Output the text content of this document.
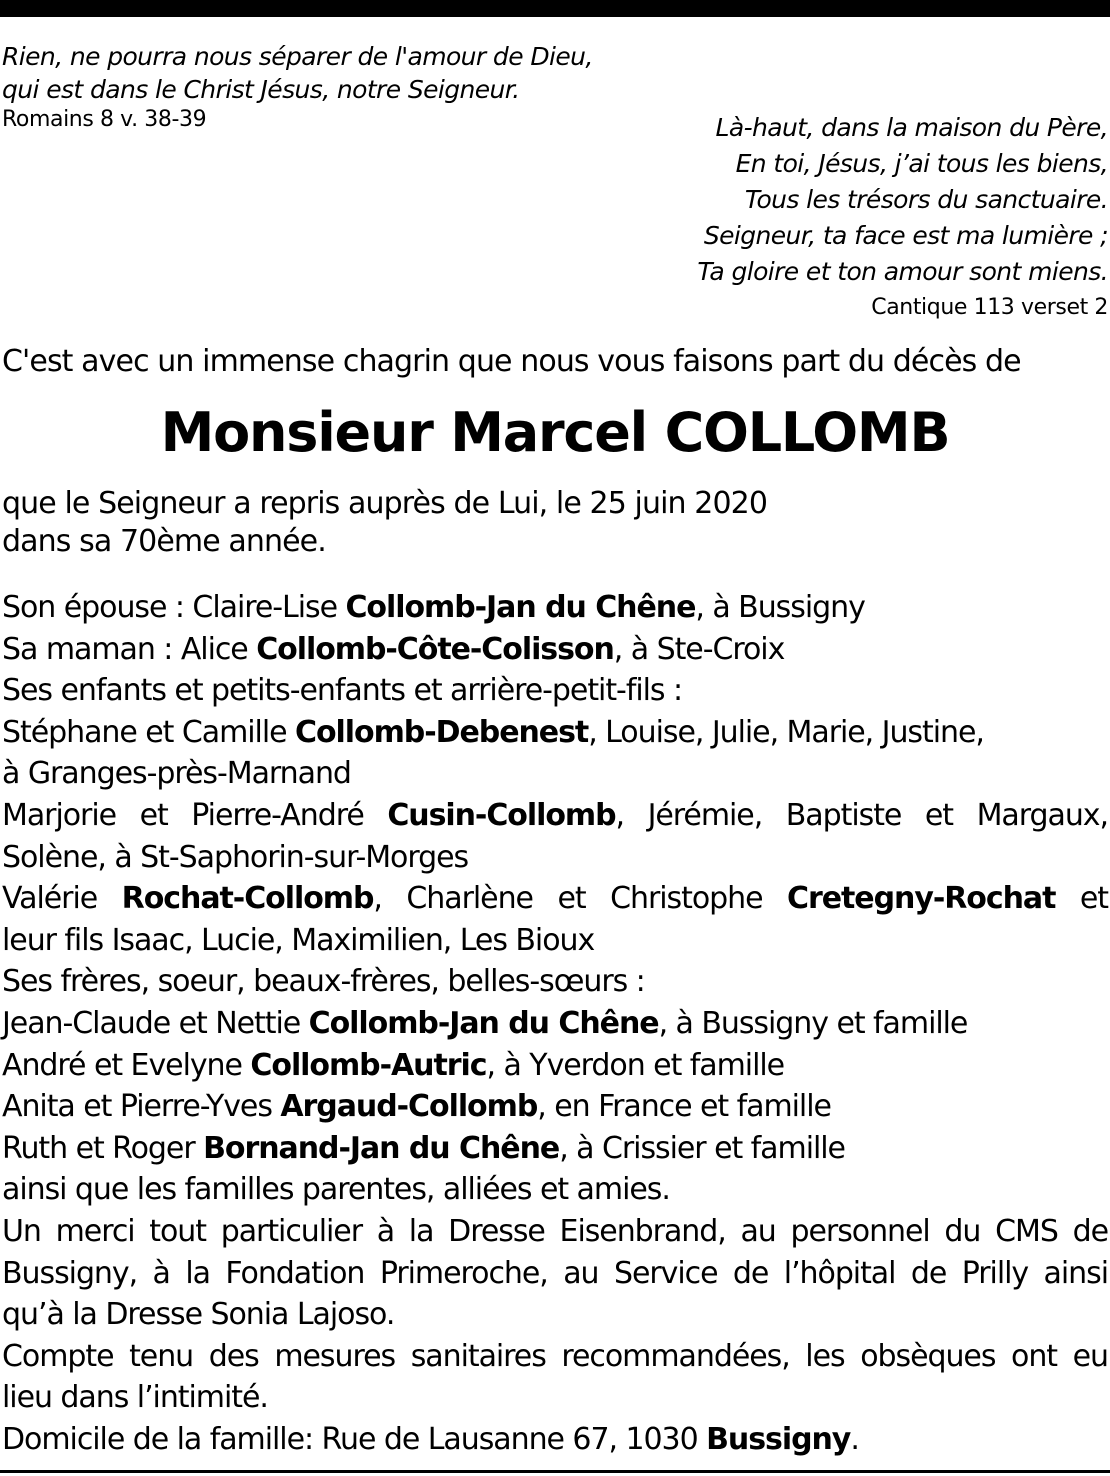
Rien, ne pourra nous séparer de l'amour de Dieu,
qui est dans le Christ Jésus, notre Seigneur.
Romains 8 v. 38-39	Là-haut, dans la maison du Père,
En toi, Jésus, j’ai tous les biens,
Tous les trésors du sanctuaire.
Seigneur, ta face est ma lumière ;
Ta gloire et ton amour sont miens.
Cantique 113 verset 2
C'est avec un immense chagrin que nous vous faisons part du décès de
Monsieur Marcel COLLOMB
que le Seigneur a repris auprès de Lui, le 25 juin 2020
dans sa 70ème année.
Son épouse : Claire-Lise Collomb-Jan du Chêne, à Bussigny
Sa maman : Alice Collomb-Côte-Colisson, à Ste-Croix
Ses enfants et petits-enfants et arrière-petit-fils :
Stéphane et Camille Collomb-Debenest, Louise, Julie, Marie, Justine,
à Granges-près-Marnand
Marjorie et Pierre-André Cusin-Collomb, Jérémie, Baptiste et Margaux,
Solène, à St-Saphorin-sur-Morges
Valérie Rochat-Collomb, Charlène et Christophe Cretegny-Rochat et
leur fils Isaac, Lucie, Maximilien, Les Bioux
Ses frères, soeur, beaux-frères, belles-sœurs :
Jean-Claude et Nettie Collomb-Jan du Chêne, à Bussigny et famille
André et Evelyne Collomb-Autric, à Yverdon et famille
Anita et Pierre-Yves Argaud-Collomb, en France et famille
Ruth et Roger Bornand-Jan du Chêne, à Crissier et famille
ainsi que les familles parentes, alliées et amies.
Un merci tout particulier à la Dresse Eisenbrand, au personnel du CMS de
Bussigny, à la Fondation Primeroche, au Service de l’hôpital de Prilly ainsi
qu’à la Dresse Sonia Lajoso.
Compte tenu des mesures sanitaires recommandées, les obsèques ont eu
lieu dans l’intimité.
Domicile de la famille: Rue de Lausanne 67, 1030 Bussigny.
